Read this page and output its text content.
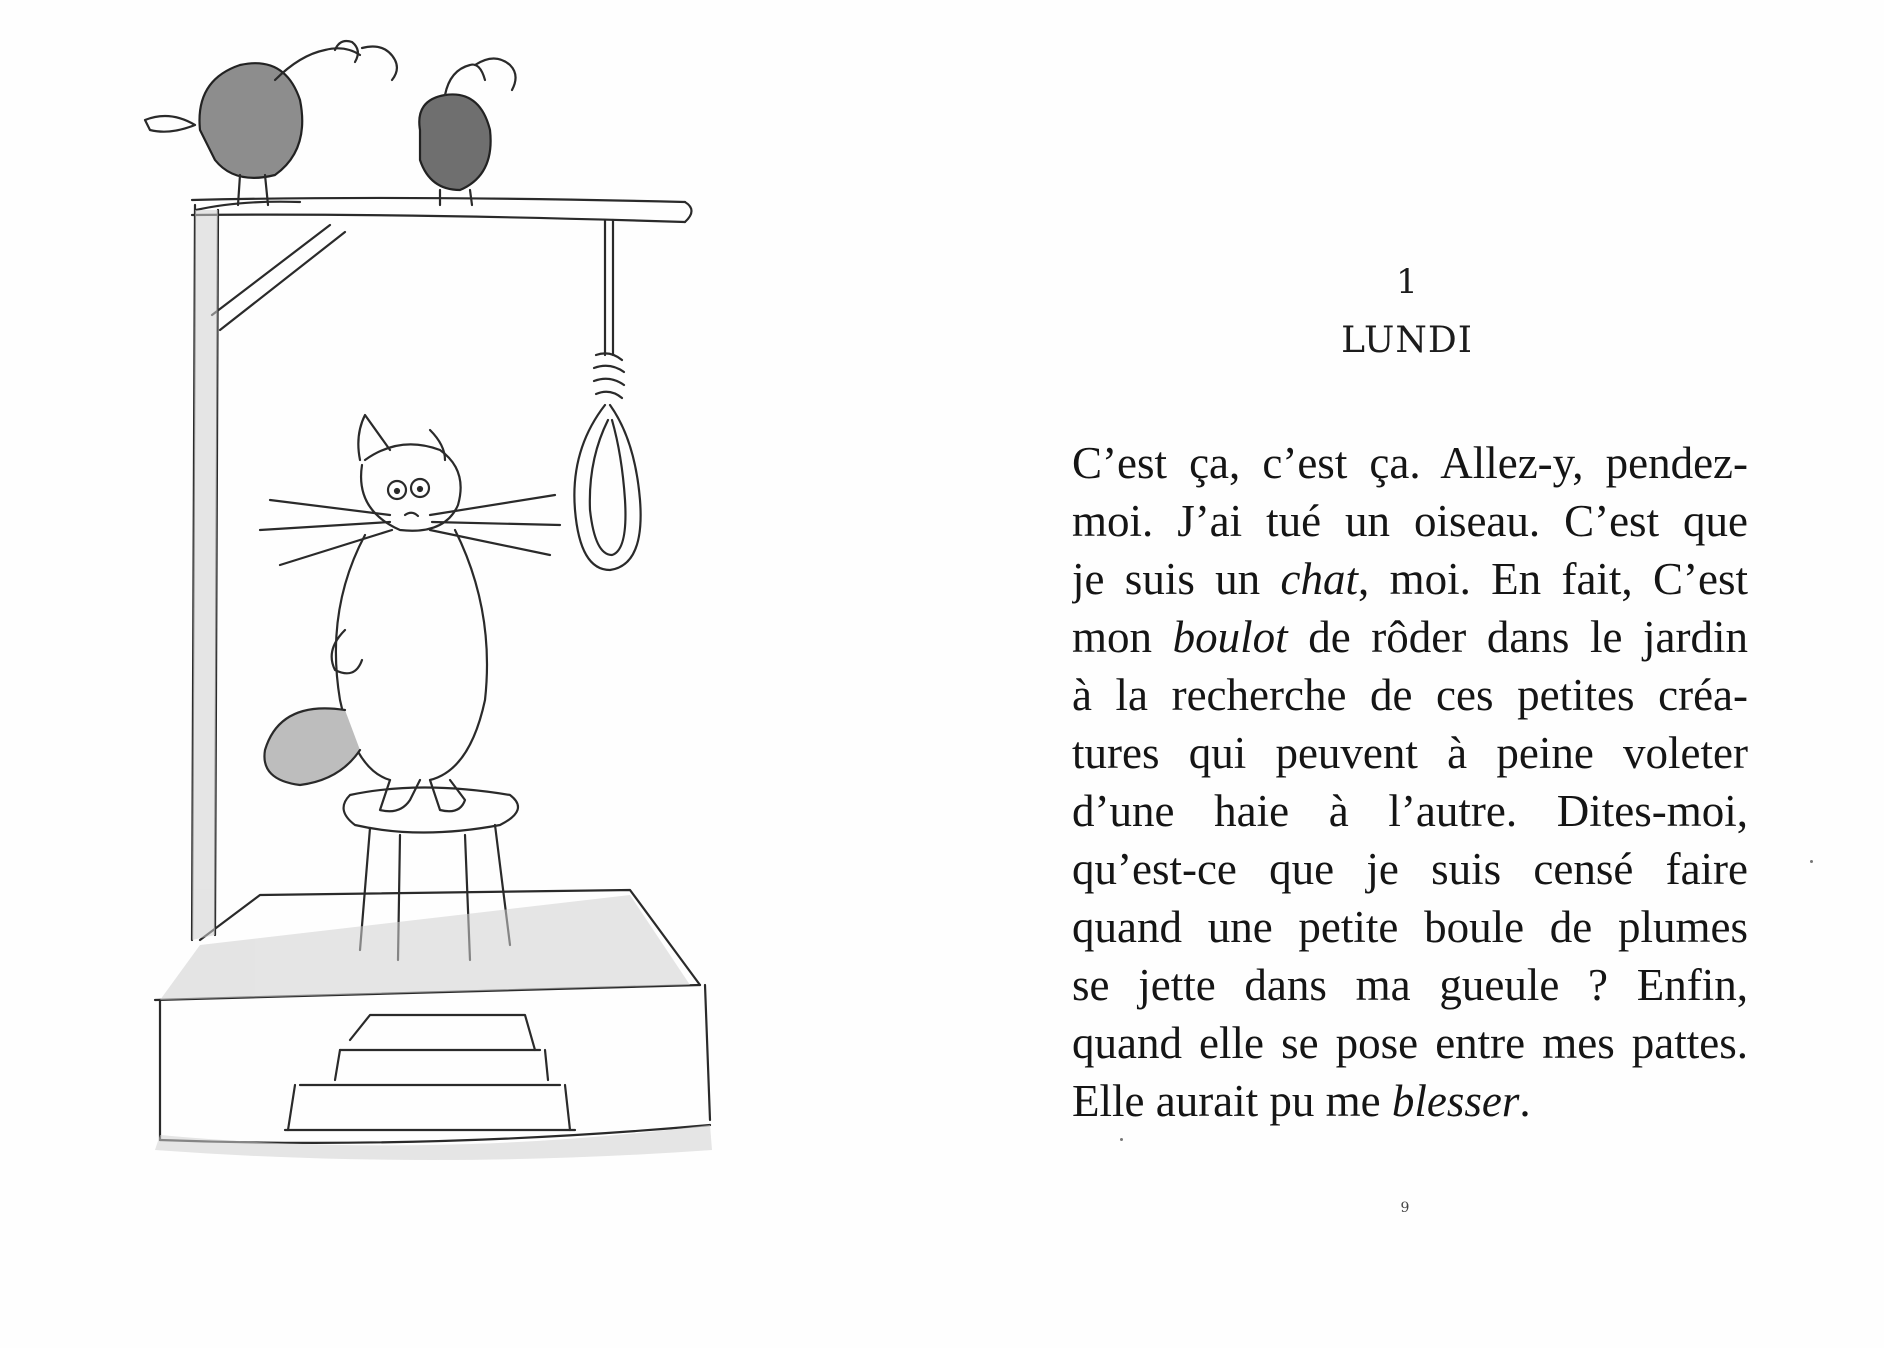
1
LUNDI
C’est ça, c’est ça. Allez-y, pendez-
moi. J’ai tué un oiseau. C’est que
je suis un chat, moi. En fait, C’est
mon boulot de rôder dans le jardin
à la recherche de ces petites créa-
tures qui peuvent à peine voleter
d’une haie à l’autre. Dites-moi,
qu’est-ce que je suis censé faire
quand une petite boule de plumes
se jette dans ma gueule ? Enfin,
quand elle se pose entre mes pattes.
Elle aurait pu me blesser.
9
